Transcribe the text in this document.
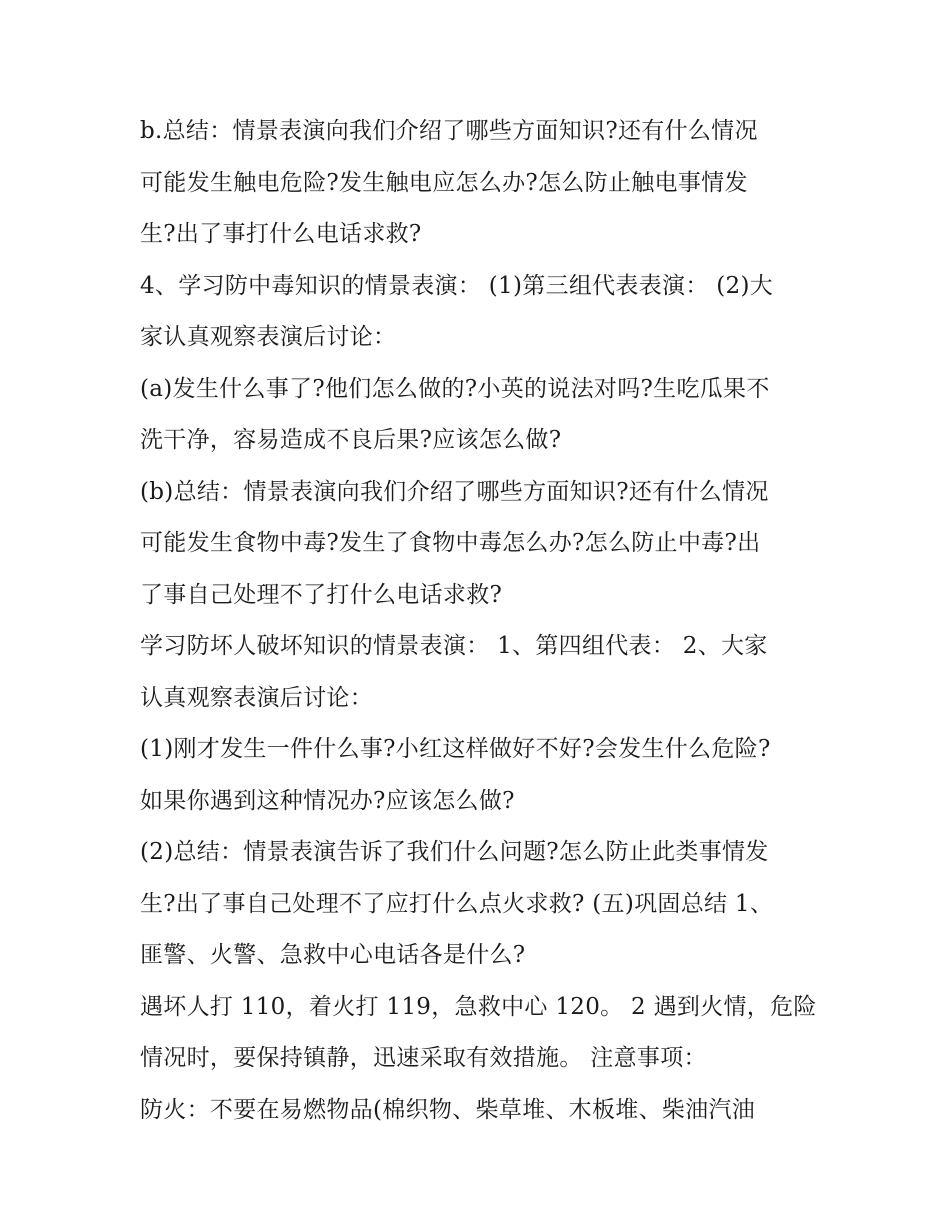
b.总结：情景表演向我们介绍了哪些方面知识?还有什么情况
可能发生触电危险?发生触电应怎么办?怎么防止触电事情发
生?出了事打什么电话求救?
4、学习防中毒知识的情景表演： (1)第三组代表表演： (2)大
家认真观察表演后讨论：
(a)发生什么事了?他们怎么做的?小英的说法对吗?生吃瓜果不
洗干净，容易造成不良后果?应该怎么做?
(b)总结：情景表演向我们介绍了哪些方面知识?还有什么情况
可能发生食物中毒?发生了食物中毒怎么办?怎么防止中毒?出
了事自己处理不了打什么电话求救?
学习防坏人破坏知识的情景表演： 1、第四组代表： 2、大家
认真观察表演后讨论：
(1)刚才发生一件什么事?小红这样做好不好?会发生什么危险?
如果你遇到这种情况办?应该怎么做?
(2)总结：情景表演告诉了我们什么问题?怎么防止此类事情发
生?出了事自己处理不了应打什么点火求救? (五)巩固总结 1、
匪警、火警、急救中心电话各是什么?
遇坏人打 110，着火打 119，急救中心 120。 2 遇到火情，危险
情况时，要保持镇静，迅速采取有效措施。 注意事项：
防火：不要在易燃物品(棉织物、柴草堆、木板堆、柴油汽油
